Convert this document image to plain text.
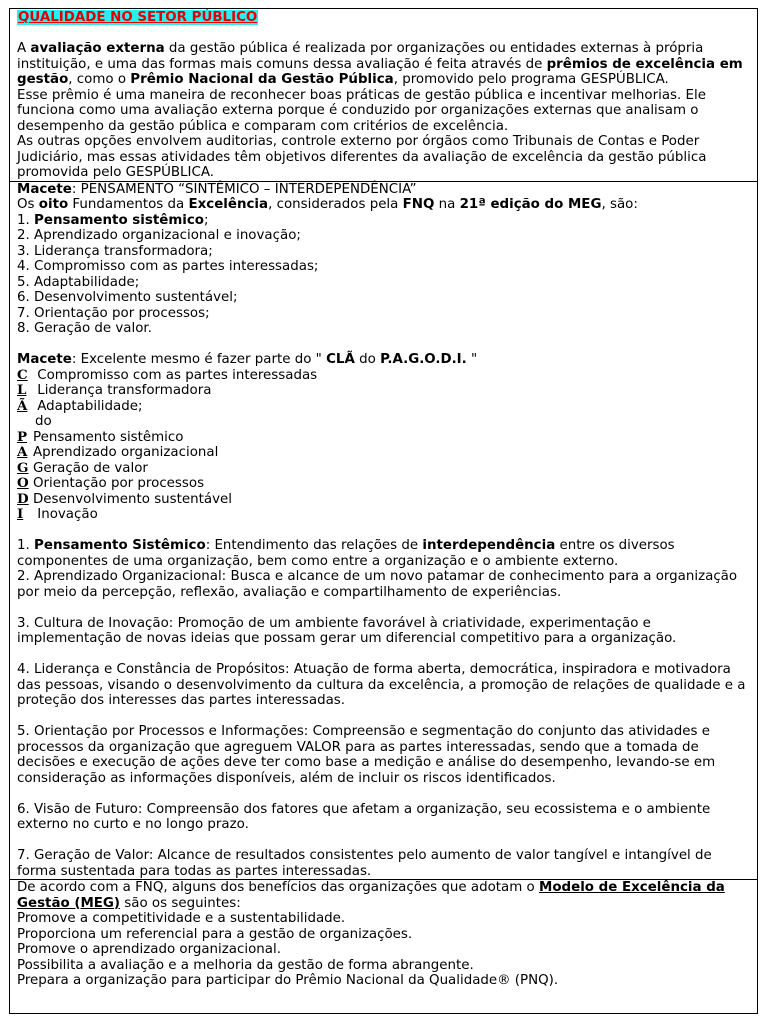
QUALIDADE NO SETOR PÚBLICO

A avaliação externa da gestão pública é realizada por organizações ou entidades externas à própria instituição, e uma das formas mais comuns dessa avaliação é feita através de prêmios de excelência em gestão, como o Prêmio Nacional da Gestão Pública, promovido pelo programa GESPÚBLICA.

Esse prêmio é uma maneira de reconhecer boas práticas de gestão pública e incentivar melhorias. Ele funciona como uma avaliação externa porque é conduzido por organizações externas que analisam o desempenho da gestão pública e comparam com critérios de excelência.

As outras opções envolvem auditorias, controle externo por órgãos como Tribunais de Contas e Poder Judiciário, mas essas atividades têm objetivos diferentes da avaliação de excelência da gestão pública promovida pelo GESPÚBLICA.

Macete: PENSAMENTO “SINTÊMICO – INTERDEPENDÊNCIA”

Os oito Fundamentos da Excelência, considerados pela FNQ na 21ª edição do MEG, são:

1. Pensamento sistêmico;

2. Aprendizado organizacional e inovação;

3. Liderança transformadora;

4. Compromisso com as partes interessadas;

5. Adaptabilidade;

6. Desenvolvimento sustentável;

7. Orientação por processos;

8. Geração de valor.

Macete: Excelente mesmo é fazer parte do " CLÃ do P.A.G.O.D.I. "

C Compromisso com as partes interessadas

L Liderança transformadora

Ã Adaptabilidade;

do

P Pensamento sistêmico

A Aprendizado organizacional

G Geração de valor

O Orientação por processos

D Desenvolvimento sustentável

I Inovação

1. Pensamento Sistêmico: Entendimento das relações de interdependência entre os diversos componentes de uma organização, bem como entre a organização e o ambiente externo.

2. Aprendizado Organizacional: Busca e alcance de um novo patamar de conhecimento para a organização por meio da percepção, reflexão, avaliação e compartilhamento de experiências.

3. Cultura de Inovação: Promoção de um ambiente favorável à criatividade, experimentação e implementação de novas ideias que possam gerar um diferencial competitivo para a organização.

4. Liderança e Constância de Propósitos: Atuação de forma aberta, democrática, inspiradora e motivadora das pessoas, visando o desenvolvimento da cultura da excelência, a promoção de relações de qualidade e a proteção dos interesses das partes interessadas.

5. Orientação por Processos e Informações: Compreensão e segmentação do conjunto das atividades e processos da organização que agreguem VALOR para as partes interessadas, sendo que a tomada de decisões e execução de ações deve ter como base a medição e análise do desempenho, levando-se em consideração as informações disponíveis, além de incluir os riscos identificados.

6. Visão de Futuro: Compreensão dos fatores que afetam a organização, seu ecossistema e o ambiente externo no curto e no longo prazo.

7. Geração de Valor: Alcance de resultados consistentes pelo aumento de valor tangível e intangível de forma sustentada para todas as partes interessadas.

De acordo com a FNQ, alguns dos benefícios das organizações que adotam o Modelo de Excelência da Gestão (MEG) são os seguintes:

Promove a competitividade e a sustentabilidade.

Proporciona um referencial para a gestão de organizações.

Promove o aprendizado organizacional.

Possibilita a avaliação e a melhoria da gestão de forma abrangente.

Prepara a organização para participar do Prêmio Nacional da Qualidade® (PNQ).
